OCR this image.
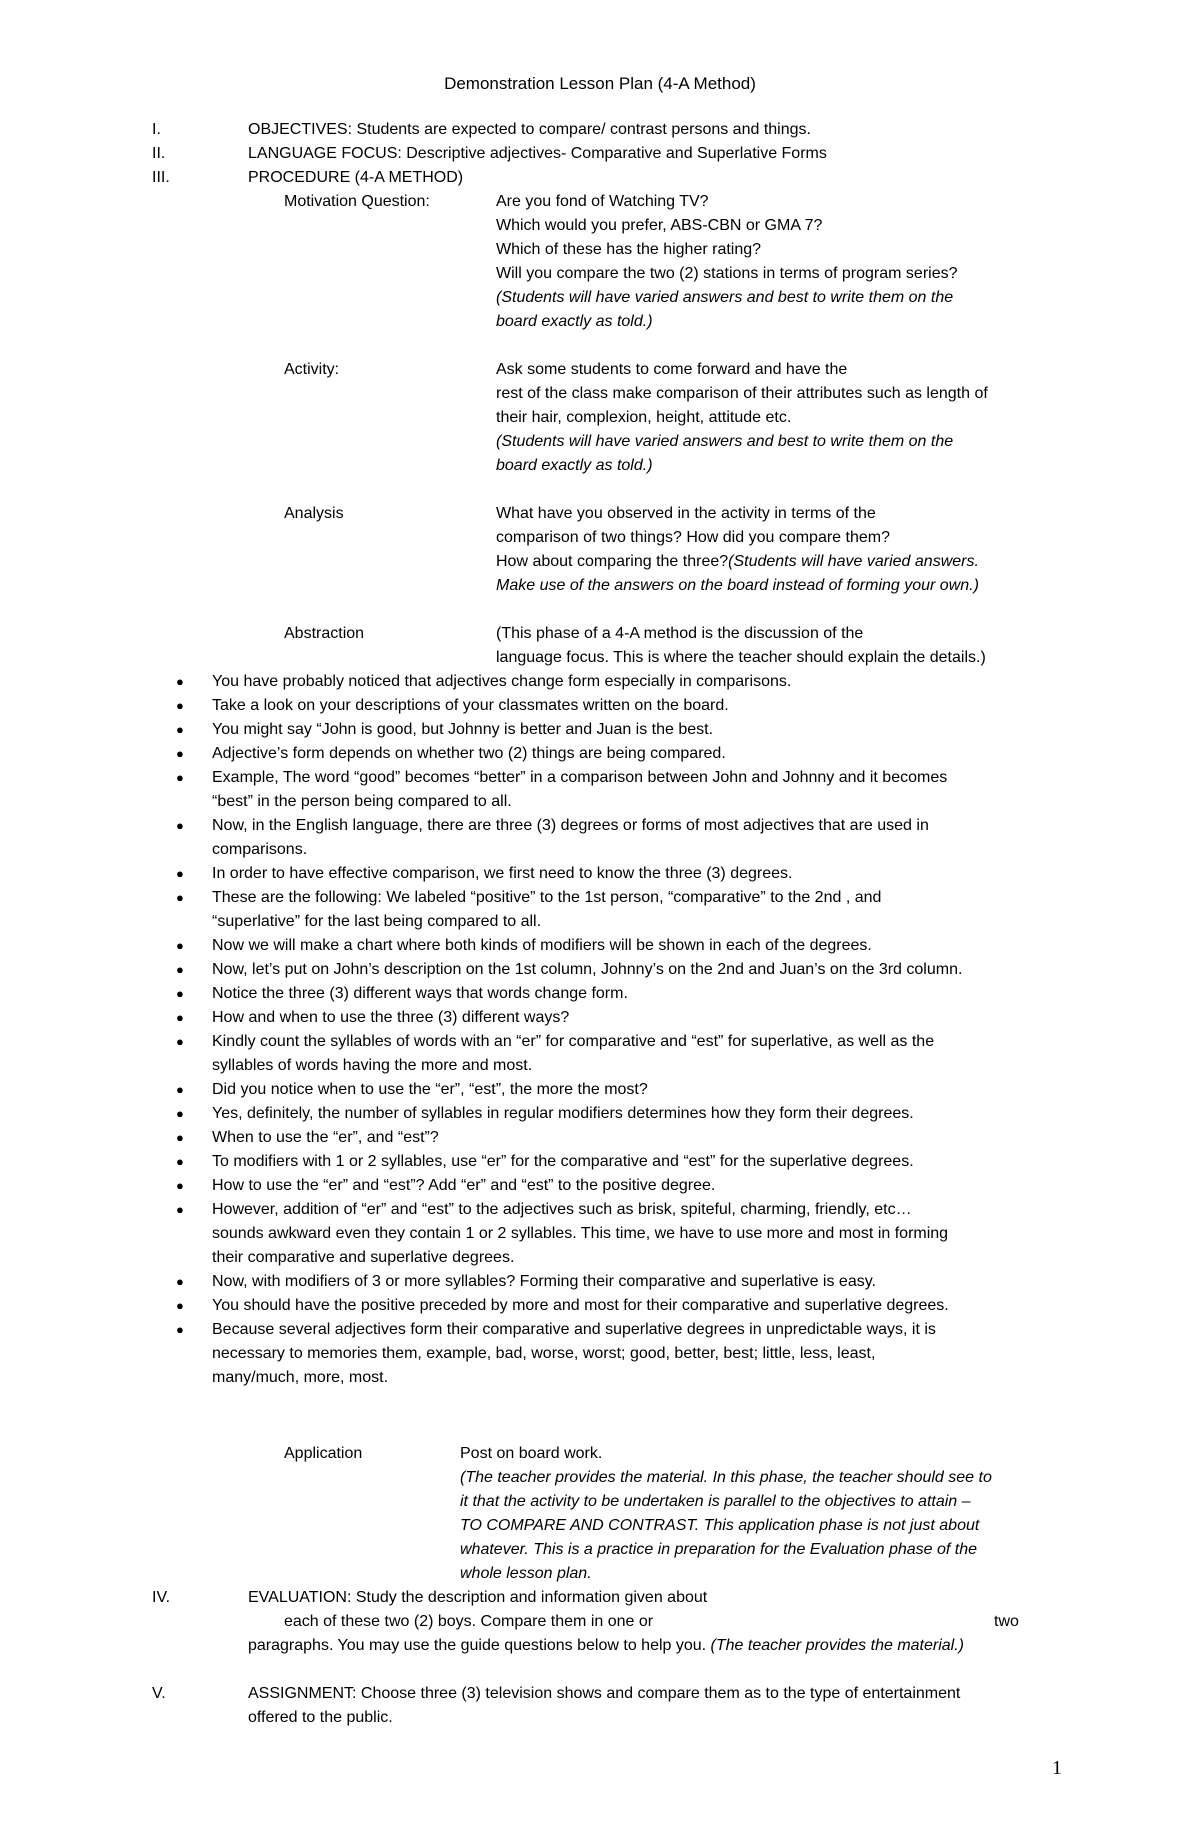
Demonstration Lesson Plan (4-A Method)
I.	OBJECTIVES: Students are expected to compare/ contrast persons and things.
II.	LANGUAGE FOCUS: Descriptive adjectives- Comparative and Superlative Forms
III.	PROCEDURE (4-A METHOD)
Motivation Question:	Are you fond of Watching TV?
Which would you prefer, ABS-CBN or GMA 7?
Which of these has the higher rating?
Will you compare the two (2) stations in terms of program series?
(Students will have varied answers and best to write them on the
board exactly as told.)
Activity:	Ask some students to come forward and have the
rest of the class make comparison of their attributes such as length of
their hair, complexion, height, attitude etc.
(Students will have varied answers and best to write them on the
board exactly as told.)
Analysis	What have you observed in the activity in terms of the
comparison of two things? How did you compare them?
How about comparing the three?(Students will have varied answers.
Make use of the answers on the board instead of forming your own.)
Abstraction	(This phase of a 4-A method is the discussion of the
language focus. This is where the teacher should explain the details.)
● You have probably noticed that adjectives change form especially in comparisons.
● Take a look on your descriptions of your classmates written on the board.
● You might say “John is good, but Johnny is better and Juan is the best.
● Adjective’s form depends on whether two (2) things are being compared.
● Example, The word “good” becomes “better” in a comparison between John and Johnny and it becomes
“best” in the person being compared to all.
● Now, in the English language, there are three (3) degrees or forms of most adjectives that are used in
comparisons.
● In order to have effective comparison, we first need to know the three (3) degrees.
● These are the following: We labeled “positive” to the 1st person, “comparative” to the 2nd , and
“superlative” for the last being compared to all.
● Now we will make a chart where both kinds of modifiers will be shown in each of the degrees.
● Now, let’s put on John’s description on the 1st column, Johnny’s on the 2nd and Juan’s on the 3rd column.
● Notice the three (3) different ways that words change form.
● How and when to use the three (3) different ways?
● Kindly count the syllables of words with an “er” for comparative and “est” for superlative, as well as the
syllables of words having the more and most.
● Did you notice when to use the “er”, “est”, the more the most?
● Yes, definitely, the number of syllables in regular modifiers determines how they form their degrees.
● When to use the “er”, and “est”?
● To modifiers with 1 or 2 syllables, use “er” for the comparative and “est” for the superlative degrees.
● How to use the “er” and “est”? Add “er” and “est” to the positive degree.
● However, addition of “er” and “est” to the adjectives such as brisk, spiteful, charming, friendly, etc…
sounds awkward even they contain 1 or 2 syllables. This time, we have to use more and most in forming
their comparative and superlative degrees.
● Now, with modifiers of 3 or more syllables? Forming their comparative and superlative is easy.
● You should have the positive preceded by more and most for their comparative and superlative degrees.
● Because several adjectives form their comparative and superlative degrees in unpredictable ways, it is
necessary to memories them, example, bad, worse, worst; good, better, best; little, less, least,
many/much, more, most.
Application	Post on board work.
(The teacher provides the material. In this phase, the teacher should see to
it that the activity to be undertaken is parallel to the objectives to attain –
TO COMPARE AND CONTRAST. This application phase is not just about
whatever. This is a practice in preparation for the Evaluation phase of the
whole lesson plan.
IV.	EVALUATION: Study the description and information given about
each of these two (2) boys. Compare them in one or	two
paragraphs. You may use the guide questions below to help you. (The teacher provides the material.)
V.	ASSIGNMENT: Choose three (3) television shows and compare them as to the type of entertainment
offered to the public.
1
